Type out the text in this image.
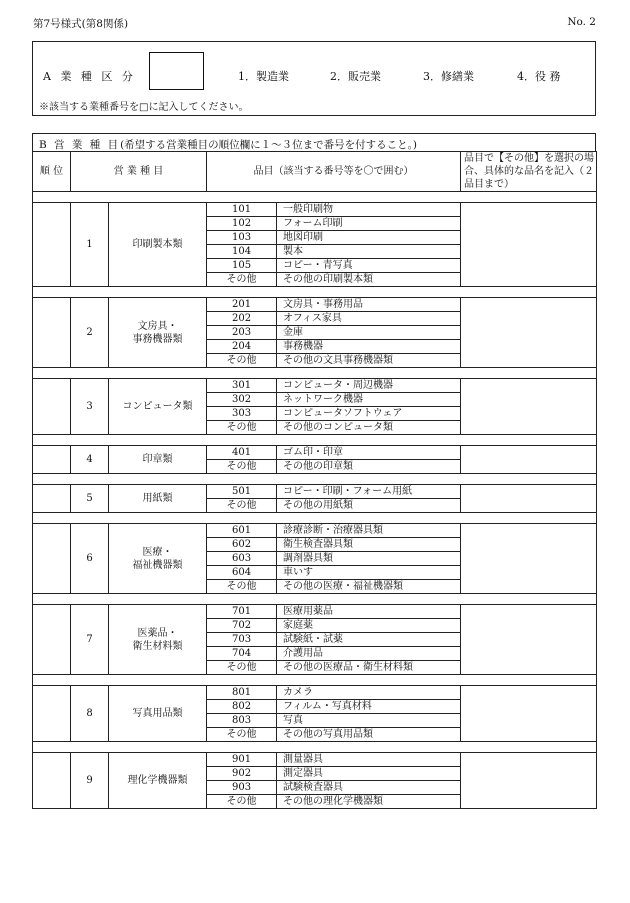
第7号様式(第8関係)	No. 2
A 業 種 区 分	1．製造業	2．販売業	3．修繕業	4．役 務
※該当する業種番号を□に記入してください。
B 営 業 種 目(希望する営業種目の順位欄に１〜３位まで番号を付すること。)
順 位	営 業 種 目		品目（該当する番号等を〇で囲む）		品目で【その他】を選択の場合、具体的な品名を記入（２品目まで）

	1	印刷製本類	101	一般印刷物	
			102	フォーム印刷	
			103	地図印刷	
			104	製本	
			105	コピー・青写真	
			その他	その他の印刷製本類	

	2	文房具・
事務機器類	201	文房具・事務用品	
			202	オフィス家具	
			203	金庫	
			204	事務機器	
			その他	その他の文具事務機器類	

	3	コンピュータ類	301	コンピュータ・周辺機器	
			302	ネットワーク機器	
			303	コンピュータソフトウェア	
			その他	その他のコンピュータ類	

	4	印章類	401	ゴム印・印章	
			その他	その他の印章類	

	5	用紙類	501	コピー・印刷・フォーム用紙	
			その他	その他の用紙類	

	6	医療・
福祉機器類	601	診療診断・治療器具類	
			602	衛生検査器具類	
			603	調剤器具類	
			604	車いす	
			その他	その他の医療・福祉機器類	

	7	医薬品・
衛生材料類	701	医療用薬品	
			702	家庭薬	
			703	試験紙・試薬	
			704	介護用品	
			その他	その他の医療品・衛生材料類	

	8	写真用品類	801	カメラ	
			802	フィルム・写真材料	
			803	写真	
			その他	その他の写真用品類	

	9	理化学機器類	901	測量器具	
			902	測定器具	
			903	試験検査器具	
			その他	その他の理化学機器類	
